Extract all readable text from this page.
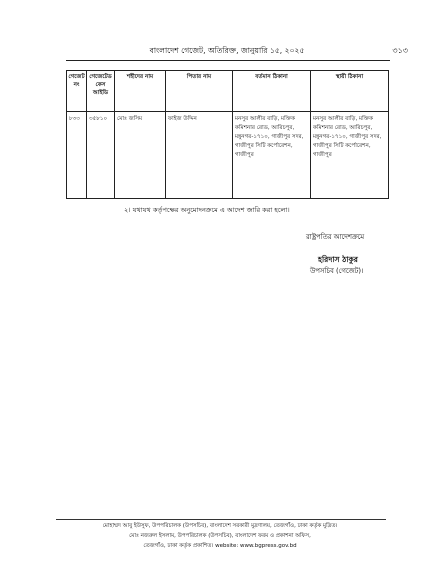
বাংলাদেশ গেজেট, অতিরিক্ত, জানুয়ারি ১৫, ২০২৫	৩১৩
গেজেট নং	গেজেটেড কেস আইডি	শহীদের নাম	পিতার নাম	বর্তমান ঠিকানা	স্থায়ী ঠিকানা
৮৩৩	৩৫৮১০	মোঃ জসিম	ফাইজ উদ্দিন	মনসুর আলীর বাড়ি, মক্তিক কমিশনার রোড, আরিচপুর, মন্নুনগর-১৭১০, গাজীপুর সদর, গাজীপুর সিটি কর্পোরেশন, গাজীপুর	মনসুর আলীর বাড়ি, মক্তিক কমিশনার রোড, আরিচপুর, মন্নুনগর-১৭১০, গাজীপুর সদর, গাজীপুর সিটি কর্পোরেশন, গাজীপুর
২। যথাযথ কর্তৃপক্ষের অনুমোদনক্রমে এ আদেশ জারি করা হলো।
রাষ্ট্রপতির আদেশক্রমে
হরিদাস ঠাকুর
উপসচিব (গেজেট)।
মোহাম্মদ আবু ইউসুফ, উপপরিচালক (উপসচিব), বাংলাদেশ সরকারী মুদ্রণালয়, তেজগাঁও, ঢাকা কর্তৃক মুদ্রিত।
মোঃ নজরুল ইসলাম, উপপরিচালক (উপসচিব), বাংলাদেশ ফরম ও প্রকাশনা অফিস,
তেজগাঁও, ঢাকা কর্তৃক প্রকাশিত। website: www.bgpress.gov.bd
